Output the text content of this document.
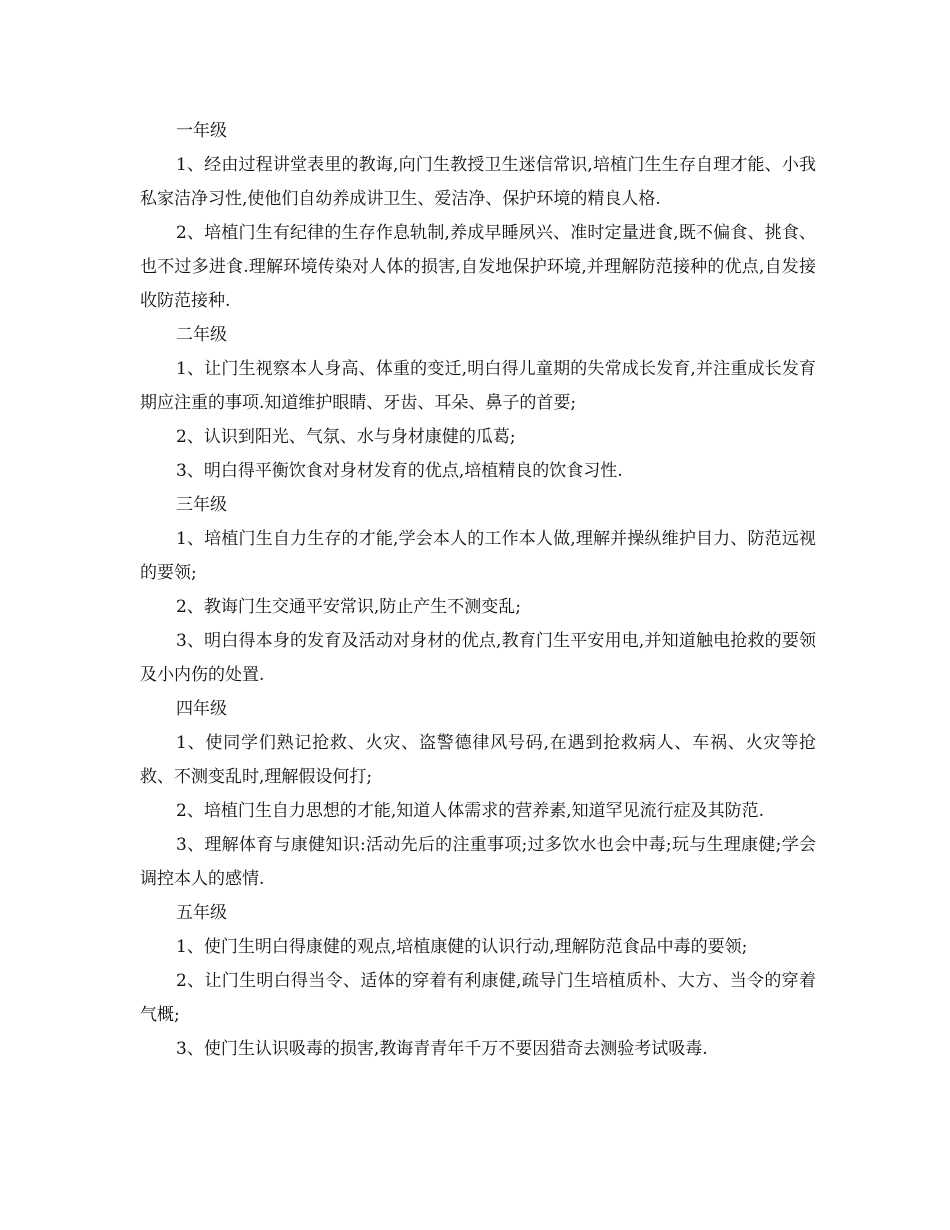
一年级

1、经由过程讲堂表里的教诲,向门生教授卫生迷信常识,培植门生生存自理才能、小我私家洁净习性,使他们自幼养成讲卫生、爱洁净、保护环境的精良人格.

2、培植门生有纪律的生存作息轨制,养成早睡夙兴、准时定量进食,既不偏食、挑食、也不过多进食.理解环境传染对人体的损害,自发地保护环境,并理解防范接种的优点,自发接收防范接种.

二年级

1、让门生视察本人身高、体重的变迁,明白得儿童期的失常成长发育,并注重成长发育期应注重的事项.知道维护眼睛、牙齿、耳朵、鼻子的首要;

2、认识到阳光、气氛、水与身材康健的瓜葛;

3、明白得平衡饮食对身材发育的优点,培植精良的饮食习性.

三年级

1、培植门生自力生存的才能,学会本人的工作本人做,理解并操纵维护目力、防范远视的要领;

2、教诲门生交通平安常识,防止产生不测变乱;

3、明白得本身的发育及活动对身材的优点,教育门生平安用电,并知道触电抢救的要领及小内伤的处置.

四年级

1、使同学们熟记抢救、火灾、盗警德律风号码,在遇到抢救病人、车祸、火灾等抢救、不测变乱时,理解假设何打;

2、培植门生自力思想的才能,知道人体需求的营养素,知道罕见流行症及其防范.

3、理解体育与康健知识:活动先后的注重事项;过多饮水也会中毒;玩与生理康健;学会调控本人的感情.

五年级

1、使门生明白得康健的观点,培植康健的认识行动,理解防范食品中毒的要领;

2、让门生明白得当令、适体的穿着有利康健,疏导门生培植质朴、大方、当令的穿着气概;

3、使门生认识吸毒的损害,教诲青青年千万不要因猎奇去测验考试吸毒.
